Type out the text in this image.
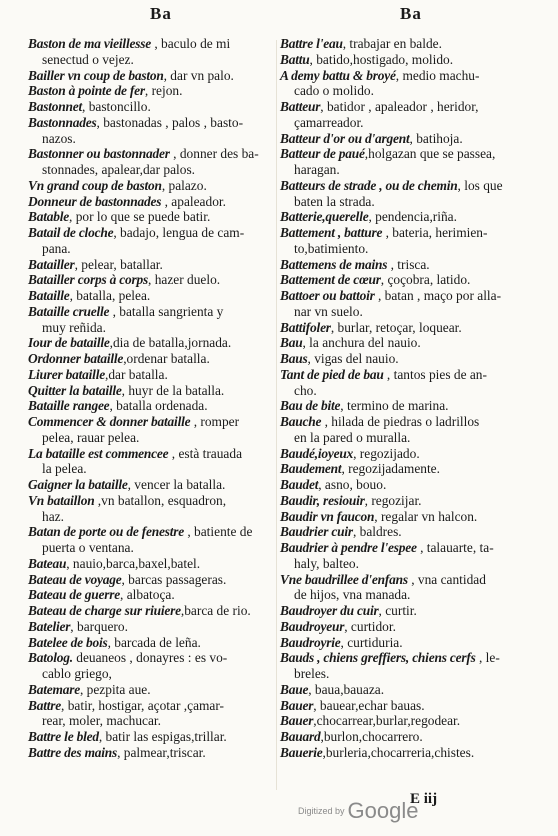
Ba	Ba
Baston de ma vieillesse , baculo de mi
senectud o vejez.
Bailler vn coup de baston, dar vn palo.
Baston à pointe de fer, rejon.
Bastonnet, bastoncillo.
Bastonnades, bastonadas , palos , basto-
nazos.
Bastonner ou bastonnader , donner des ba-
stonnades, apalear,dar palos.
Vn grand coup de baston, palazo.
Donneur de bastonnades , apaleador.
Batable, por lo que se puede batir.
Batail de cloche, badajo, lengua de cam-
pana.
Batailler, pelear, batallar.
Batailler corps à corps, hazer duelo.
Bataille, batalla, pelea.
Bataille cruelle , batalla sangrienta y
muy reñida.
Iour de bataille,dia de batalla,jornada.
Ordonner bataille,ordenar batalla.
Liurer bataille,dar batalla.
Quitter la bataille, huyr de la batalla.
Bataille rangee, batalla ordenada.
Commencer & donner bataille , romper
pelea, rauar pelea.
La bataille est commencee , està trauada
la pelea.
Gaigner la bataille, vencer la batalla.
Vn bataillon ,vn batallon, esquadron,
haz.
Batan de porte ou de fenestre , batiente de
puerta o ventana.
Bateau, nauio,barca,baxel,batel.
Bateau de voyage, barcas passageras.
Bateau de guerre, albatoça.
Bateau de charge sur riuiere,barca de rio.
Batelier, barquero.
Batelee de bois, barcada de leña.
Batolog. deuaneos , donayres : es vo-
cablo griego,
Batemare, pezpita aue.
Battre, batir, hostigar, açotar ,çamar-
rear, moler, machucar.
Battre le bled, batir las espigas,trillar.
Battre des mains, palmear,triscar.
Battre l'eau, trabajar en balde.
Battu, batido,hostigado, molido.
A demy battu & broyé, medio machu-
cado o molido.
Batteur, batidor , apaleador , heridor,
çamarreador.
Batteur d'or ou d'argent, batihoja.
Batteur de paué,holgazan que se passea,
haragan.
Batteurs de strade , ou de chemin, los que
baten la strada.
Batterie,querelle, pendencia,riña.
Battement , batture , bateria, herimien-
to,batimiento.
Battemens de mains , trisca.
Battement de cœur, çoçobra, latido.
Battoer ou battoir , batan , maço por alla-
nar vn suelo.
Battifoler, burlar, retoçar, loquear.
Bau, la anchura del nauio.
Baus, vigas del nauio.
Tant de pied de bau , tantos pies de an-
cho.
Bau de bite, termino de marina.
Bauche , hilada de piedras o ladrillos
en la pared o muralla.
Baudé,ioyeux, regozijado.
Baudement, regozijadamente.
Baudet, asno, bouo.
Baudir, resiouir, regozijar.
Baudir vn faucon, regalar vn halcon.
Baudrier cuir, baldres.
Baudrier à pendre l'espee , talauarte, ta-
haly, balteo.
Vne baudrillee d'enfans , vna cantidad
de hijos, vna manada.
Baudroyer du cuir, curtir.
Baudroyeur, curtidor.
Baudroyrie, curtiduria.
Bauds , chiens greffiers, chiens cerfs , le-
breles.
Baue, baua,bauaza.
Bauer, bauear,echar bauas.
Bauer,chocarrear,burlar,regodear.
Bauard,burlon,chocarrero.
Bauerie,burleria,chocarreria,chistes.
E iij
Digitized by Google
